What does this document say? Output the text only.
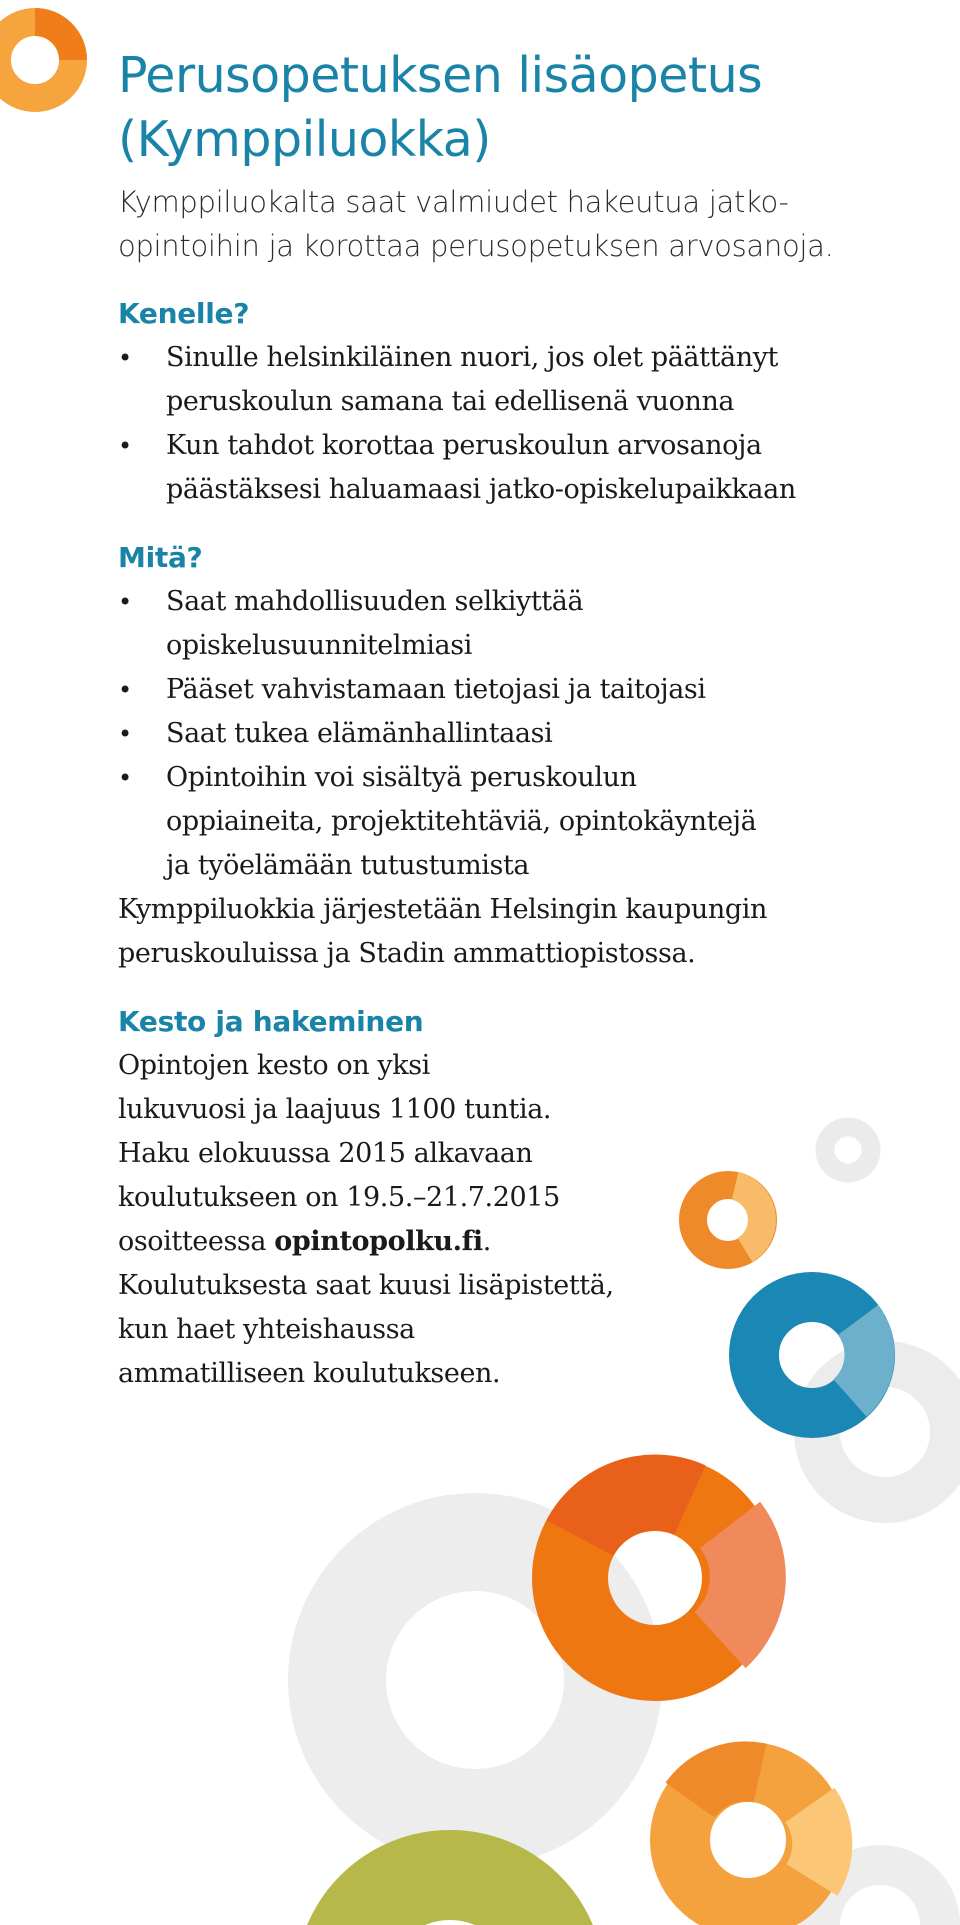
Perusopetuksen lisäopetus
(Kymppiluokka)

Kymppiluokalta saat valmiudet hakeutua jatko-
opintoihin ja korottaa perusopetuksen arvosanoja.

Kenelle?
• Sinulle helsinkiläinen nuori, jos olet päättänyt
peruskoulun samana tai edellisenä vuonna
• Kun tahdot korottaa peruskoulun arvosanoja
päästäksesi haluamaasi jatko-opiskelupaikkaan
Mitä?
• Saat mahdollisuuden selkiyttää
opiskelusuunnitelmiasi
• Pääset vahvistamaan tietojasi ja taitojasi
• Saat tukea elämänhallintaasi
• Opintoihin voi sisältyä peruskoulun
oppiaineita, projektitehtäviä, opintokäyntejä
ja työelämään tutustumista

Kymppiluokkia järjestetään Helsingin kaupungin
peruskouluissa ja Stadin ammattiopistossa.

Kesto ja hakeminen

Opintojen kesto on yksi
lukuvuosi ja laajuus 1100 tuntia.
Haku elokuussa 2015 alkavaan
koulutukseen on 19.5.–21.7.2015
osoitteessa opintopolku.fi.
Koulutuksesta saat kuusi lisäpistettä,
kun haet yhteishaussa
ammatilliseen koulutukseen.
